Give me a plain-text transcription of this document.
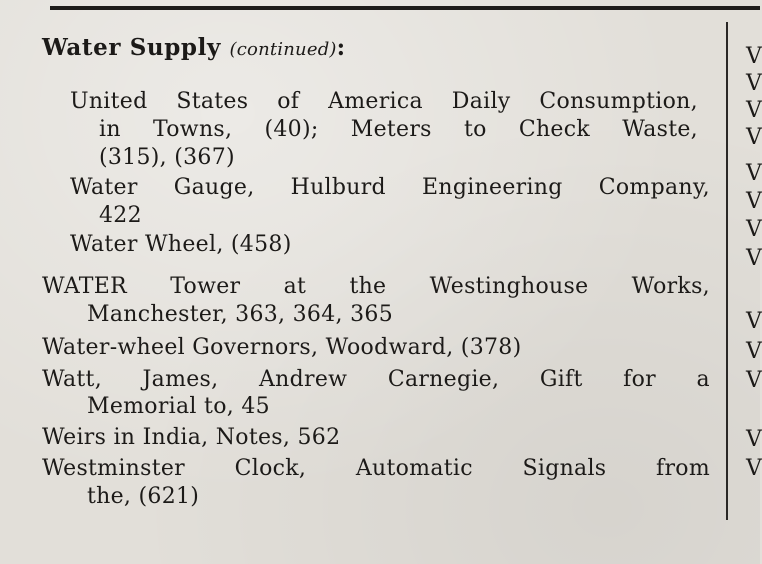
Water Supply (continued):
United States of America Daily Consumption,
in Towns, (40); Meters to Check Waste,
(315), (367)
Water Gauge, Hulburd Engineering Company,
422
Water Wheel, (458)
WATER Tower at the Westinghouse Works,
Manchester, 363, 364, 365
Water-wheel Governors, Woodward, (378)
Watt, James, Andrew Carnegie, Gift for a
Memorial to, 45
Weirs in India, Notes, 562
Westminster Clock, Automatic Signals from
the, (621)
V
V
V
V
V
V
V
V
V
V
V
V
V
